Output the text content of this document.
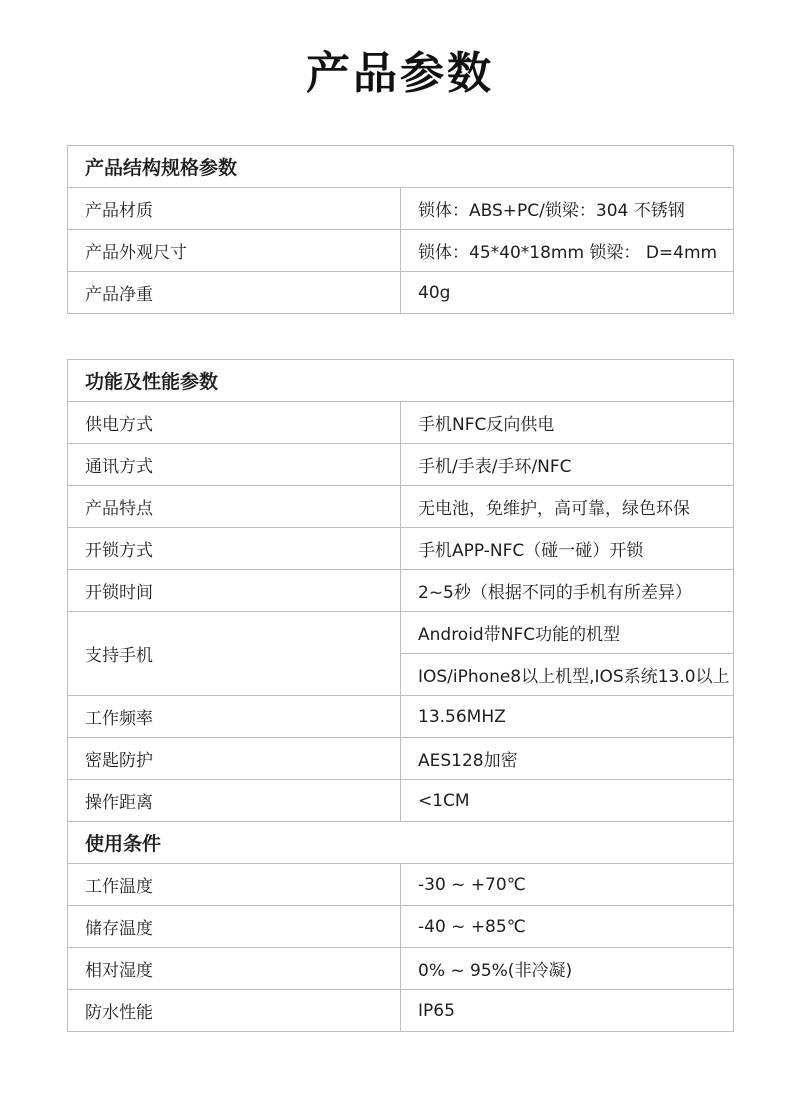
产品参数
产品结构规格参数	
产品材质	锁体：ABS+PC/锁梁：304 不锈钢
产品外观尺寸	锁体：45*40*18mm 锁梁： D=4mm
产品净重	40g
功能及性能参数	
供电方式	手机NFC反向供电
通讯方式	手机/手表/手环/NFC
产品特点	无电池，免维护，高可靠，绿色环保
开锁方式	手机APP-NFC（碰一碰）开锁
开锁时间	2~5秒（根据不同的手机有所差异）
支持手机	Android带NFC功能的机型
	IOS/iPhone8以上机型,IOS系统13.0以上
工作频率	13.56MHZ
密匙防护	AES128加密
操作距离	<1CM
使用条件	
工作温度	-30 ~ +70℃
储存温度	-40 ~ +85℃
相对湿度	0% ~ 95%(非冷凝)
防水性能	IP65
